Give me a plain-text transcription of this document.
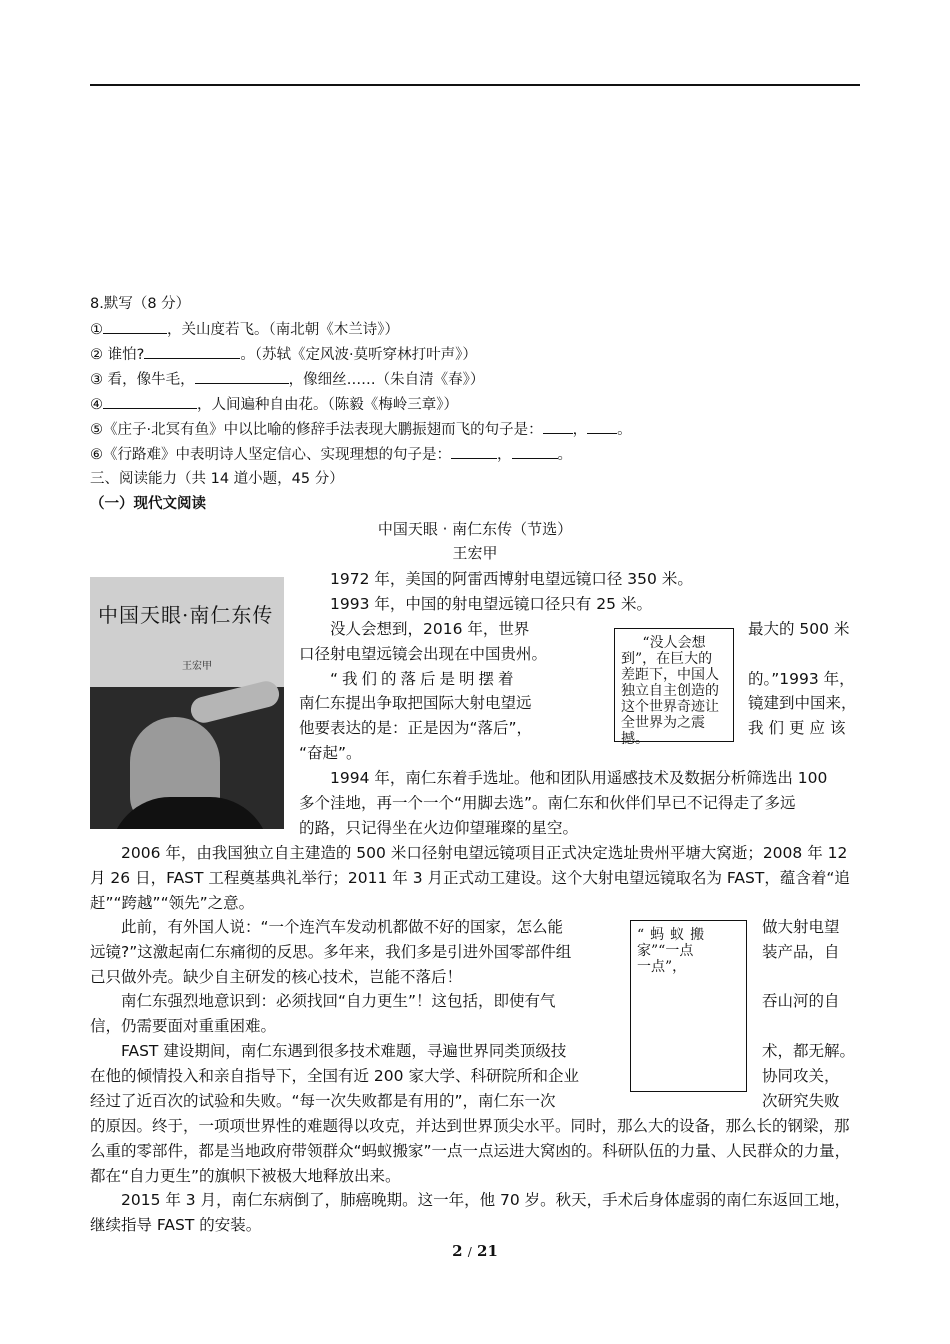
8.默写（8 分）
①	，关山度若飞。（南北朝《木兰诗》）
② 谁怕?	。（苏轼《定风波·莫听穿林打叶声》）
③ 看，像牛毛，	，像细丝……（朱自清《春》）
④	，人间遍种自由花。（陈毅《梅岭三章》）
⑤《庄子·北冥有鱼》中以比喻的修辞手法表现大鹏振翅而飞的句子是： ， 。
⑥《行路难》中表明诗人坚定信心、实现理想的句子是：	，	。
三、阅读能力（共 14 道小题，45 分）
（一）现代文阅读
中国天眼 · 南仁东传（节选）
王宏甲
中国天眼·南仁东传
王宏甲
1972 年，美国的阿雷西博射电望远镜口径 350 米。
1993 年，中国的射电望远镜口径只有 25 米。
没人会想到，2016 年，世界
口径射电望远镜会出现在中国贵州。
“我们的落后是明摆着
南仁东提出争取把国际大射电望远
他要表达的是：正是因为“落后”，
“奋起”。
最大的 500 米

的。”1993 年，
镜建到中国来，
我们更应该
“没人会想
到”，在巨大的
差距下，中国人
独立自主创造的
这个世界奇迹让
全世界为之震撼。
1994 年，南仁东着手选址。他和团队用遥感技术及数据分析筛选出 100
多个洼地，再一个一个“用脚去选”。南仁东和伙伴们早已不记得走了多远
的路，只记得坐在火边仰望璀璨的星空。
2006 年，由我国独立自主建造的 500 米口径射电望远镜项目正式决定选址贵州平塘大窝逝；2008 年 12 月 26 日，FAST 工程奠基典礼举行；2011 年 3 月正式动工建设。这个大射电望远镜取名为 FAST，蕴含着“追赶”“跨越”“领先”之意。
此前，有外国人说：“一个连汽车发动机都做不好的国家，怎么能
远镜?”这激起南仁东痛彻的反思。多年来，我们多是引进外国零部件组
己只做外壳。缺少自主研发的核心技术，岂能不落后！
南仁东强烈地意识到：必须找回“自力更生”！这包括，即使有气
信，仍需要面对重重困难。
FAST 建设期间，南仁东遇到很多技术难题，寻遍世界同类顶级技
在他的倾情投入和亲自指导下，全国有近 200 家大学、科研院所和企业
经过了近百次的试验和失败。“每一次失败都是有用的”，南仁东一次
做大射电望
装产品，自

吞山河的自

术，都无解。
协同攻关，
次研究失败
“蚂蚁搬
家”“一点
一点”，
的原因。终于，一项项世界性的难题得以攻克，并达到世界顶尖水平。同时，那么大的设备，那么长的钢梁，那么重的零部件，都是当地政府带领群众“蚂蚁搬家”一点一点运进大窝凼的。科研队伍的力量、人民群众的力量，都在“自力更生”的旗帜下被极大地释放出来。
2015 年 3 月，南仁东病倒了，肺癌晚期。这一年，他 70 岁。秋天，手术后身体虚弱的南仁东返回工地，继续指导 FAST 的安装。
2 / 21
